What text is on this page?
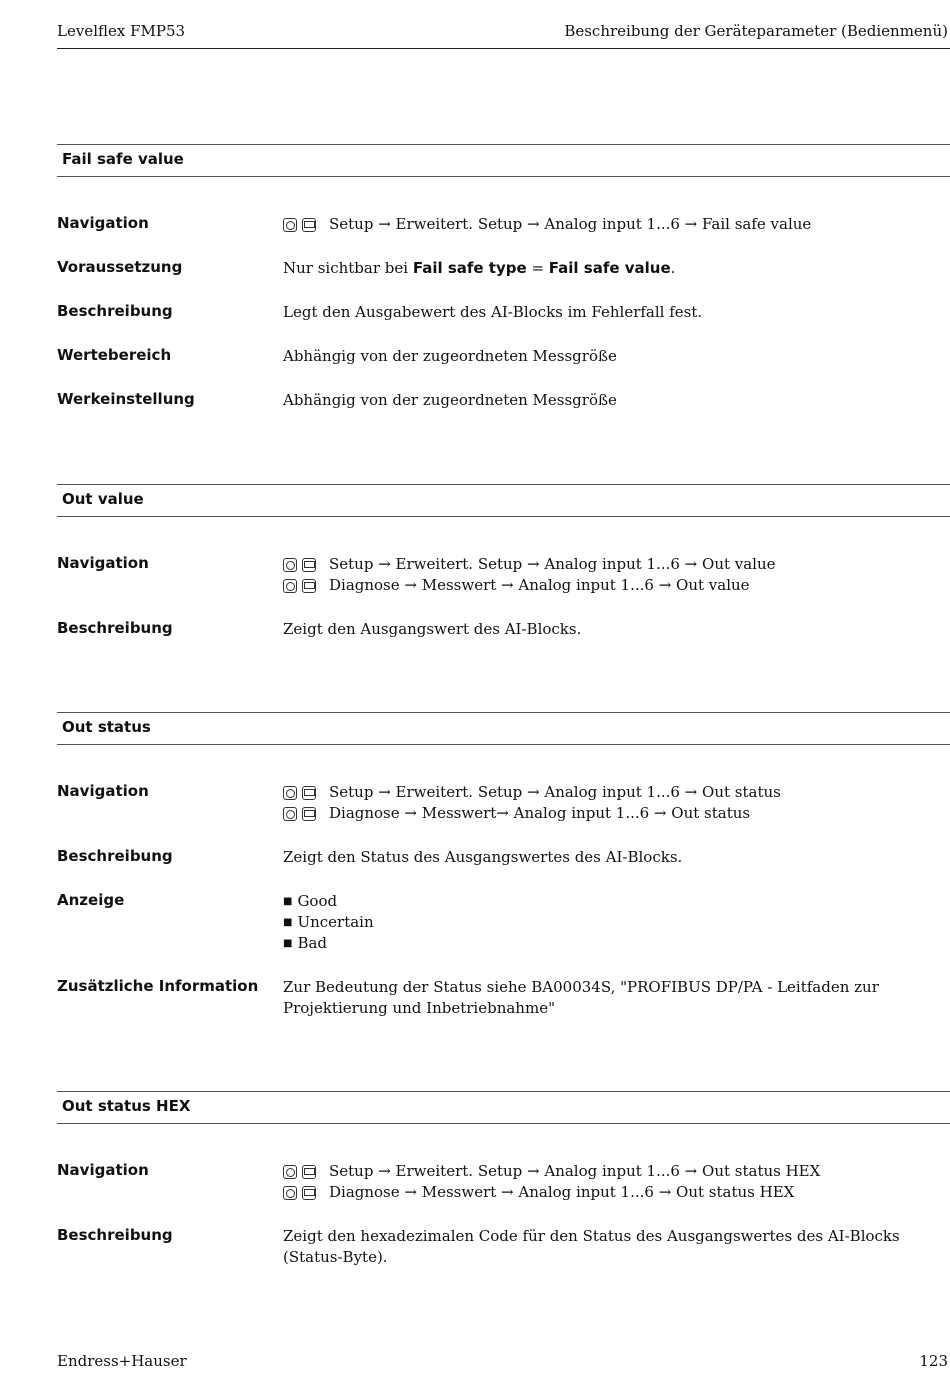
Levelflex FMP53	Beschreibung der Geräteparameter (Bedienmenü)
Fail safe value
Navigation	Setup → Erweitert. Setup → Analog input 1...6 → Fail safe value
Voraussetzung	Nur sichtbar bei Fail safe type = Fail safe value.
Beschreibung	Legt den Ausgabewert des AI-Blocks im Fehlerfall fest.
Wertebereich	Abhängig von der zugeordneten Messgröße
Werkeinstellung	Abhängig von der zugeordneten Messgröße
Out value
Navigation	Setup → Erweitert. Setup → Analog input 1...6 → Out value
Diagnose → Messwert → Analog input 1...6 → Out value
Beschreibung	Zeigt den Ausgangswert des AI-Blocks.
Out status
Navigation	Setup → Erweitert. Setup → Analog input 1...6 → Out status
Diagnose → Messwert→ Analog input 1...6 → Out status
Beschreibung	Zeigt den Status des Ausgangswertes des AI-Blocks.
Anzeige
■	Good
■ Uncertain
■ Bad
Zusätzliche Information Zur Bedeutung der Status siehe BA00034S, "PROFIBUS DP/PA - Leitfaden zur Projektierung und Inbetriebnahme"
Out status HEX
Navigation	Setup → Erweitert. Setup → Analog input 1...6 → Out status HEX
Diagnose → Messwert → Analog input 1...6 → Out status HEX
Beschreibung	Zeigt den hexadezimalen Code für den Status des Ausgangswertes des AI-Blocks (Status-Byte).
Endress+Hauser	123
